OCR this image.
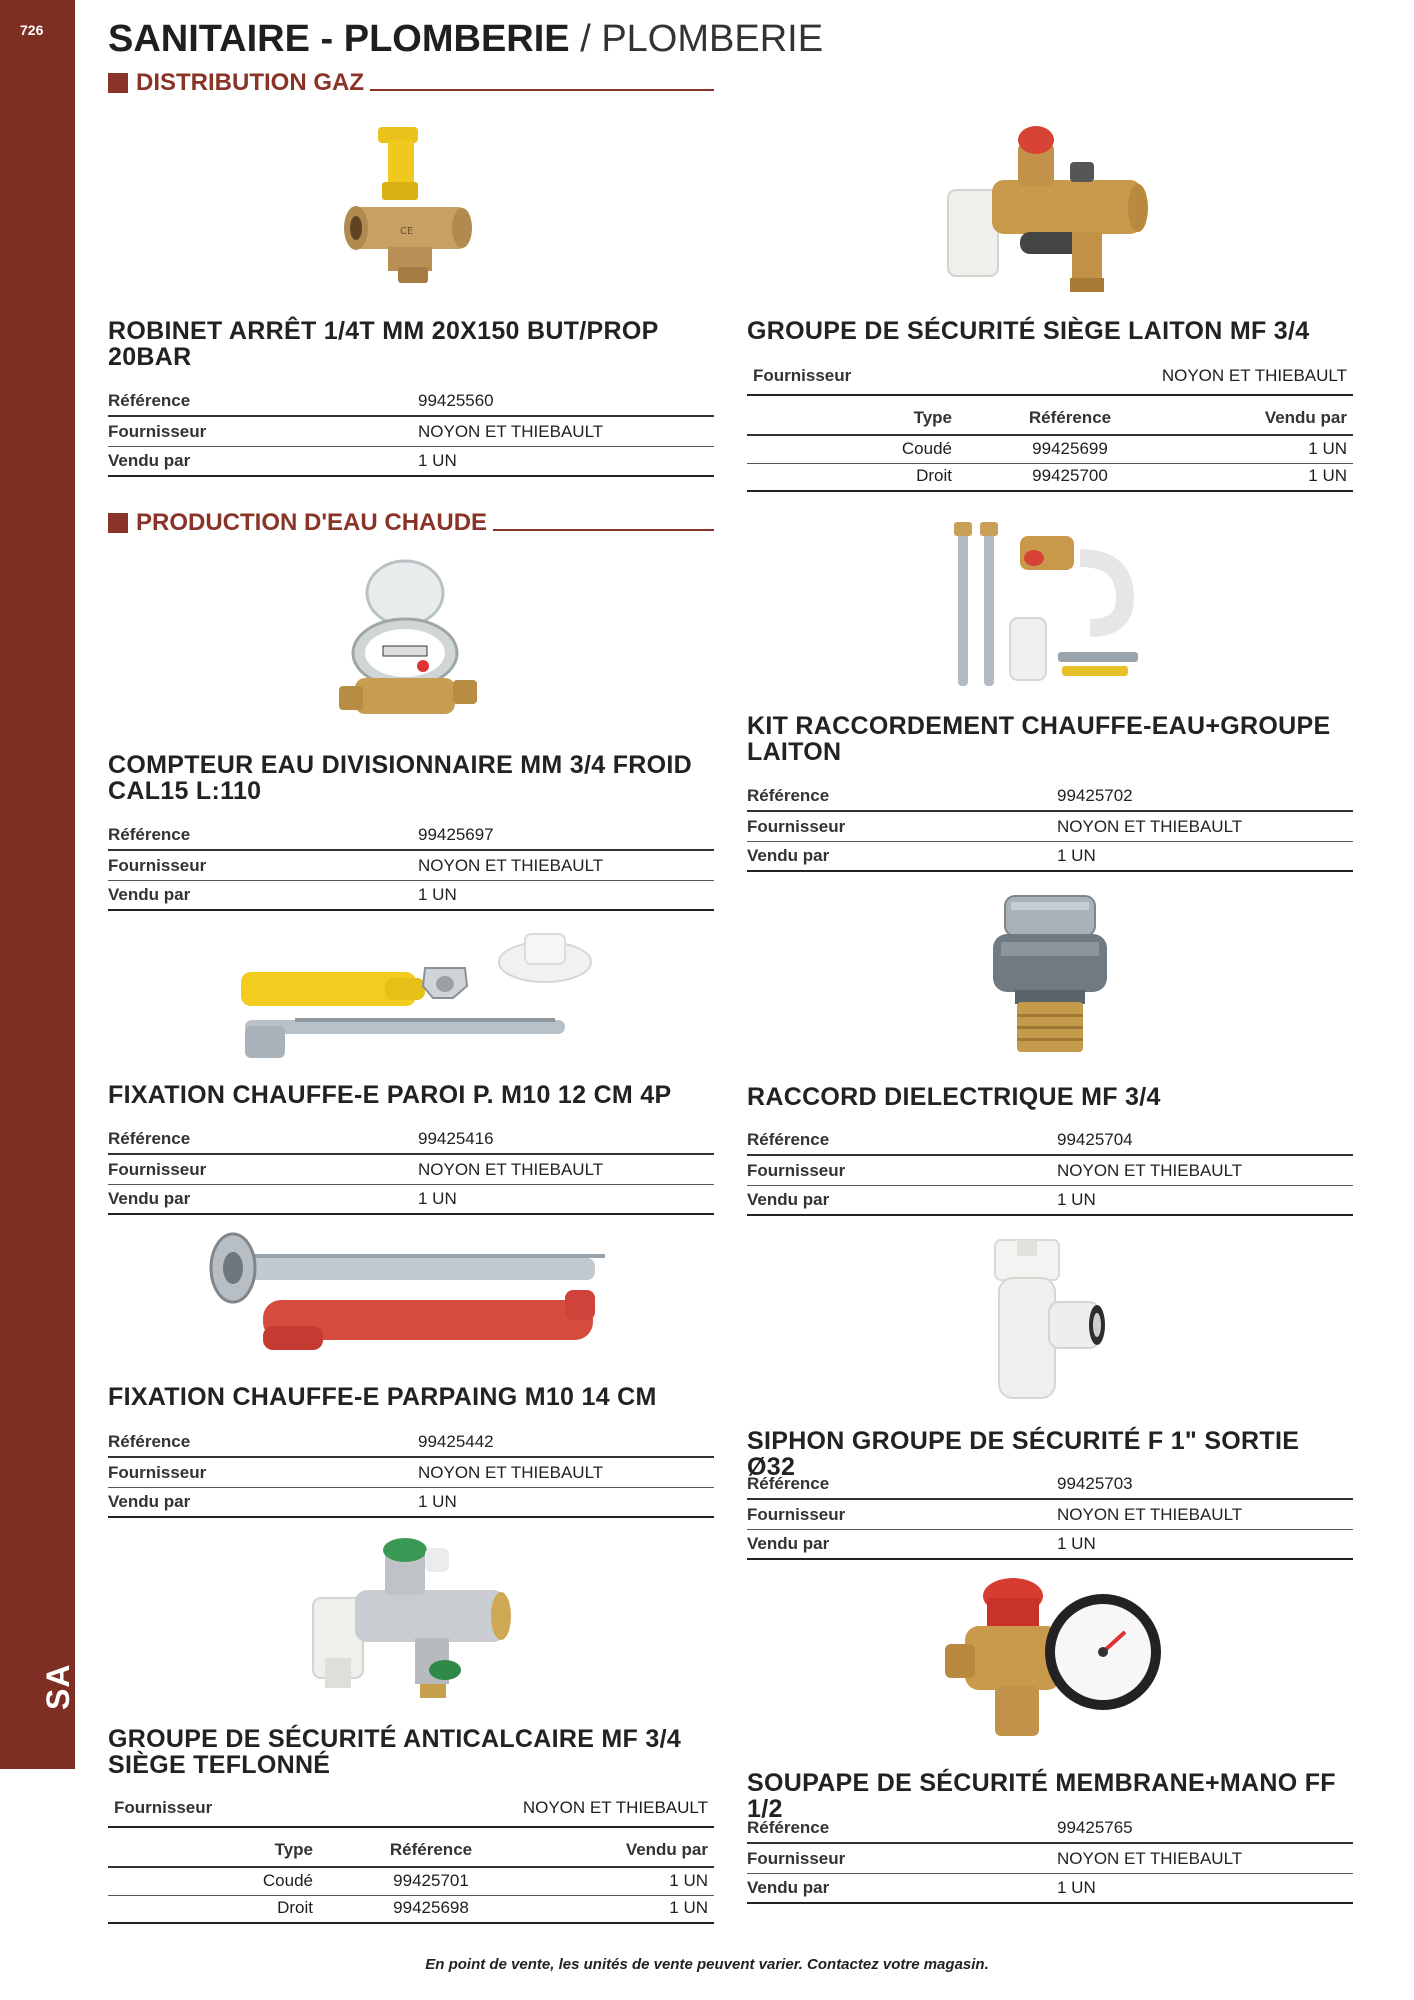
726
SA
SANITAIRE - PLOMBERIE / PLOMBERIE
DISTRIBUTION GAZ
CE
ROBINET ARRÊT 1/4T MM 20X150 BUT/PROP 20BAR
Référence	99425560
Fournisseur	NOYON ET THIEBAULT
Vendu par	1 UN
PRODUCTION D'EAU CHAUDE
COMPTEUR EAU DIVISIONNAIRE MM 3/4 FROID CAL15 L:110
Référence	99425697
Fournisseur	NOYON ET THIEBAULT
Vendu par	1 UN
FIXATION CHAUFFE-E PAROI P. M10 12 CM 4P
Référence	99425416
Fournisseur	NOYON ET THIEBAULT
Vendu par	1 UN
FIXATION CHAUFFE-E PARPAING M10 14 CM
Référence	99425442
Fournisseur	NOYON ET THIEBAULT
Vendu par	1 UN
GROUPE DE SÉCURITÉ ANTICALCAIRE MF 3/4 SIÈGE TEFLONNÉ
Fournisseur	NOYON ET THIEBAULT
Type	Référence	Vendu par
Coudé	99425701	1 UN
Droit	99425698	1 UN
GROUPE DE SÉCURITÉ SIÈGE LAITON MF 3/4
Fournisseur	NOYON ET THIEBAULT
Type	Référence	Vendu par
Coudé	99425699	1 UN
Droit	99425700	1 UN
KIT RACCORDEMENT CHAUFFE-EAU+GROUPE LAITON
Référence	99425702
Fournisseur	NOYON ET THIEBAULT
Vendu par	1 UN
RACCORD DIELECTRIQUE MF 3/4
Référence	99425704
Fournisseur	NOYON ET THIEBAULT
Vendu par	1 UN
SIPHON GROUPE DE SÉCURITÉ F 1" SORTIE Ø32
Référence	99425703
Fournisseur	NOYON ET THIEBAULT
Vendu par	1 UN
SOUPAPE DE SÉCURITÉ MEMBRANE+MANO FF 1/2
Référence	99425765
Fournisseur	NOYON ET THIEBAULT
Vendu par	1 UN
En point de vente, les unités de vente peuvent varier. Contactez votre magasin.
